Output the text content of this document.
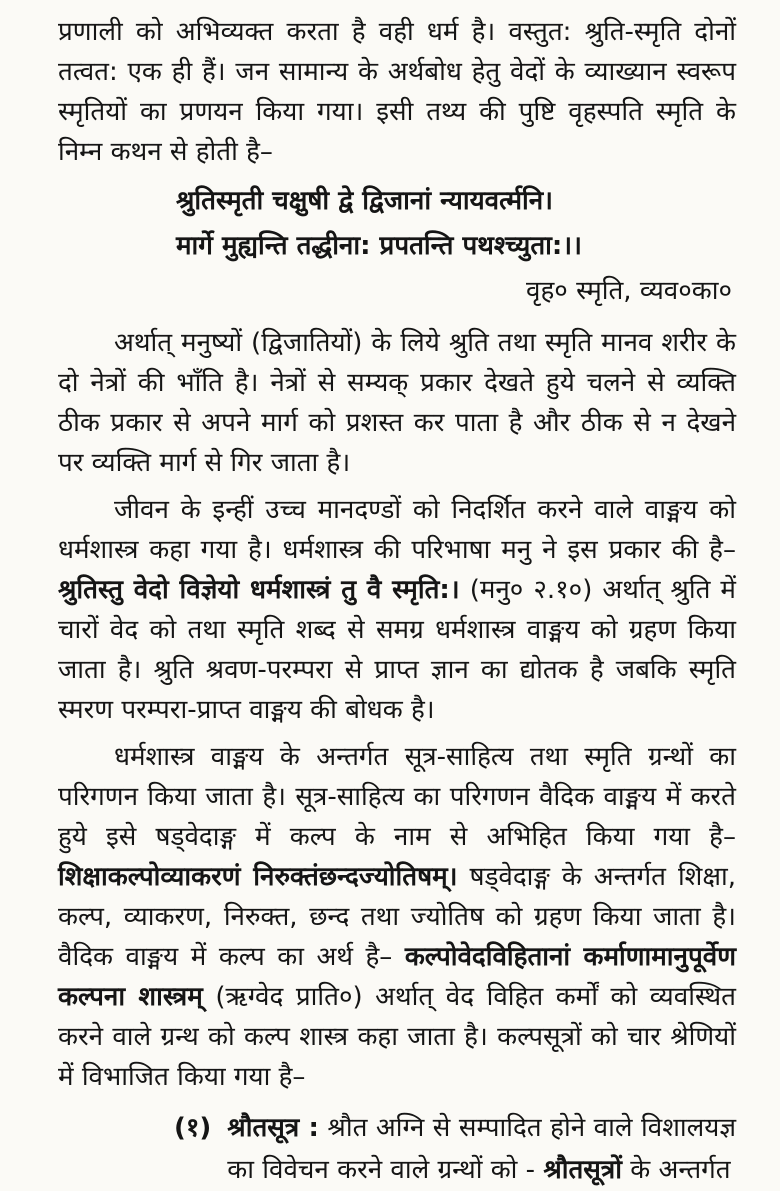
प्रणाली को अभिव्यक्त करता है वही धर्म है। वस्तुत: श्रुति-स्मृति दोनों तत्वत: एक ही हैं। जन सामान्य के अर्थबोध हेतु वेदों के व्याख्यान स्वरूप स्मृतियों का प्रणयन किया गया। इसी तथ्य की पुष्टि वृहस्पति स्मृति के निम्न कथन से होती है–

श्रुतिस्मृती चक्षुषी द्वे द्विजानां न्यायवर्त्मनि।
मार्गे मुह्यन्ति तद्धीना: प्रपतन्ति पथश्च्युता:।।
वृह० स्मृति, व्यव०का०

अर्थात् मनुष्यों (द्विजातियों) के लिये श्रुति तथा स्मृति मानव शरीर के दो नेत्रों की भाँति है। नेत्रों से सम्यक् प्रकार देखते हुये चलने से व्यक्ति ठीक प्रकार से अपने मार्ग को प्रशस्त कर पाता है और ठीक से न देखने पर व्यक्ति मार्ग से गिर जाता है।

जीवन के इन्हीं उच्च मानदण्डों को निदर्शित करने वाले वाङ्मय को धर्मशास्त्र कहा गया है। धर्मशास्त्र की परिभाषा मनु ने इस प्रकार की है– श्रुतिस्तु वेदो विज्ञेयो धर्मशास्त्रं तु वै स्मृति:। (मनु० २.१०) अर्थात् श्रुति में चारों वेद को तथा स्मृति शब्द से समग्र धर्मशास्त्र वाङ्मय को ग्रहण किया जाता है। श्रुति श्रवण-परम्परा से प्राप्त ज्ञान का द्योतक है जबकि स्मृति स्मरण परम्परा-प्राप्त वाङ्मय की बोधक है।

धर्मशास्त्र वाङ्मय के अन्तर्गत सूत्र-साहित्य तथा स्मृति ग्रन्थों का परिगणन किया जाता है। सूत्र-साहित्य का परिगणन वैदिक वाङ्मय में करते हुये इसे षड्वेदाङ्ग में कल्प के नाम से अभिहित किया गया है– शिक्षाकल्पोव्याकरणं निरुक्तंछन्दज्योतिषम्। षड्वेदाङ्ग के अन्तर्गत शिक्षा, कल्प, व्याकरण, निरुक्त, छन्द तथा ज्योतिष को ग्रहण किया जाता है। वैदिक वाङ्मय में कल्प का अर्थ है– कल्पोवेदविहितानां कर्माणामानुपूर्वेण कल्पना शास्त्रम् (ऋग्वेद प्राति०) अर्थात् वेद विहित कर्मों को व्यवस्थित करने वाले ग्रन्थ को कल्प शास्त्र कहा जाता है। कल्पसूत्रों को चार श्रेणियों में विभाजित किया गया है–

(१) श्रौतसूत्र : श्रौत अग्नि से सम्पादित होने वाले विशालयज्ञ का विवेचन करने वाले ग्रन्थों को - श्रौतसूत्रों के अन्तर्गत
